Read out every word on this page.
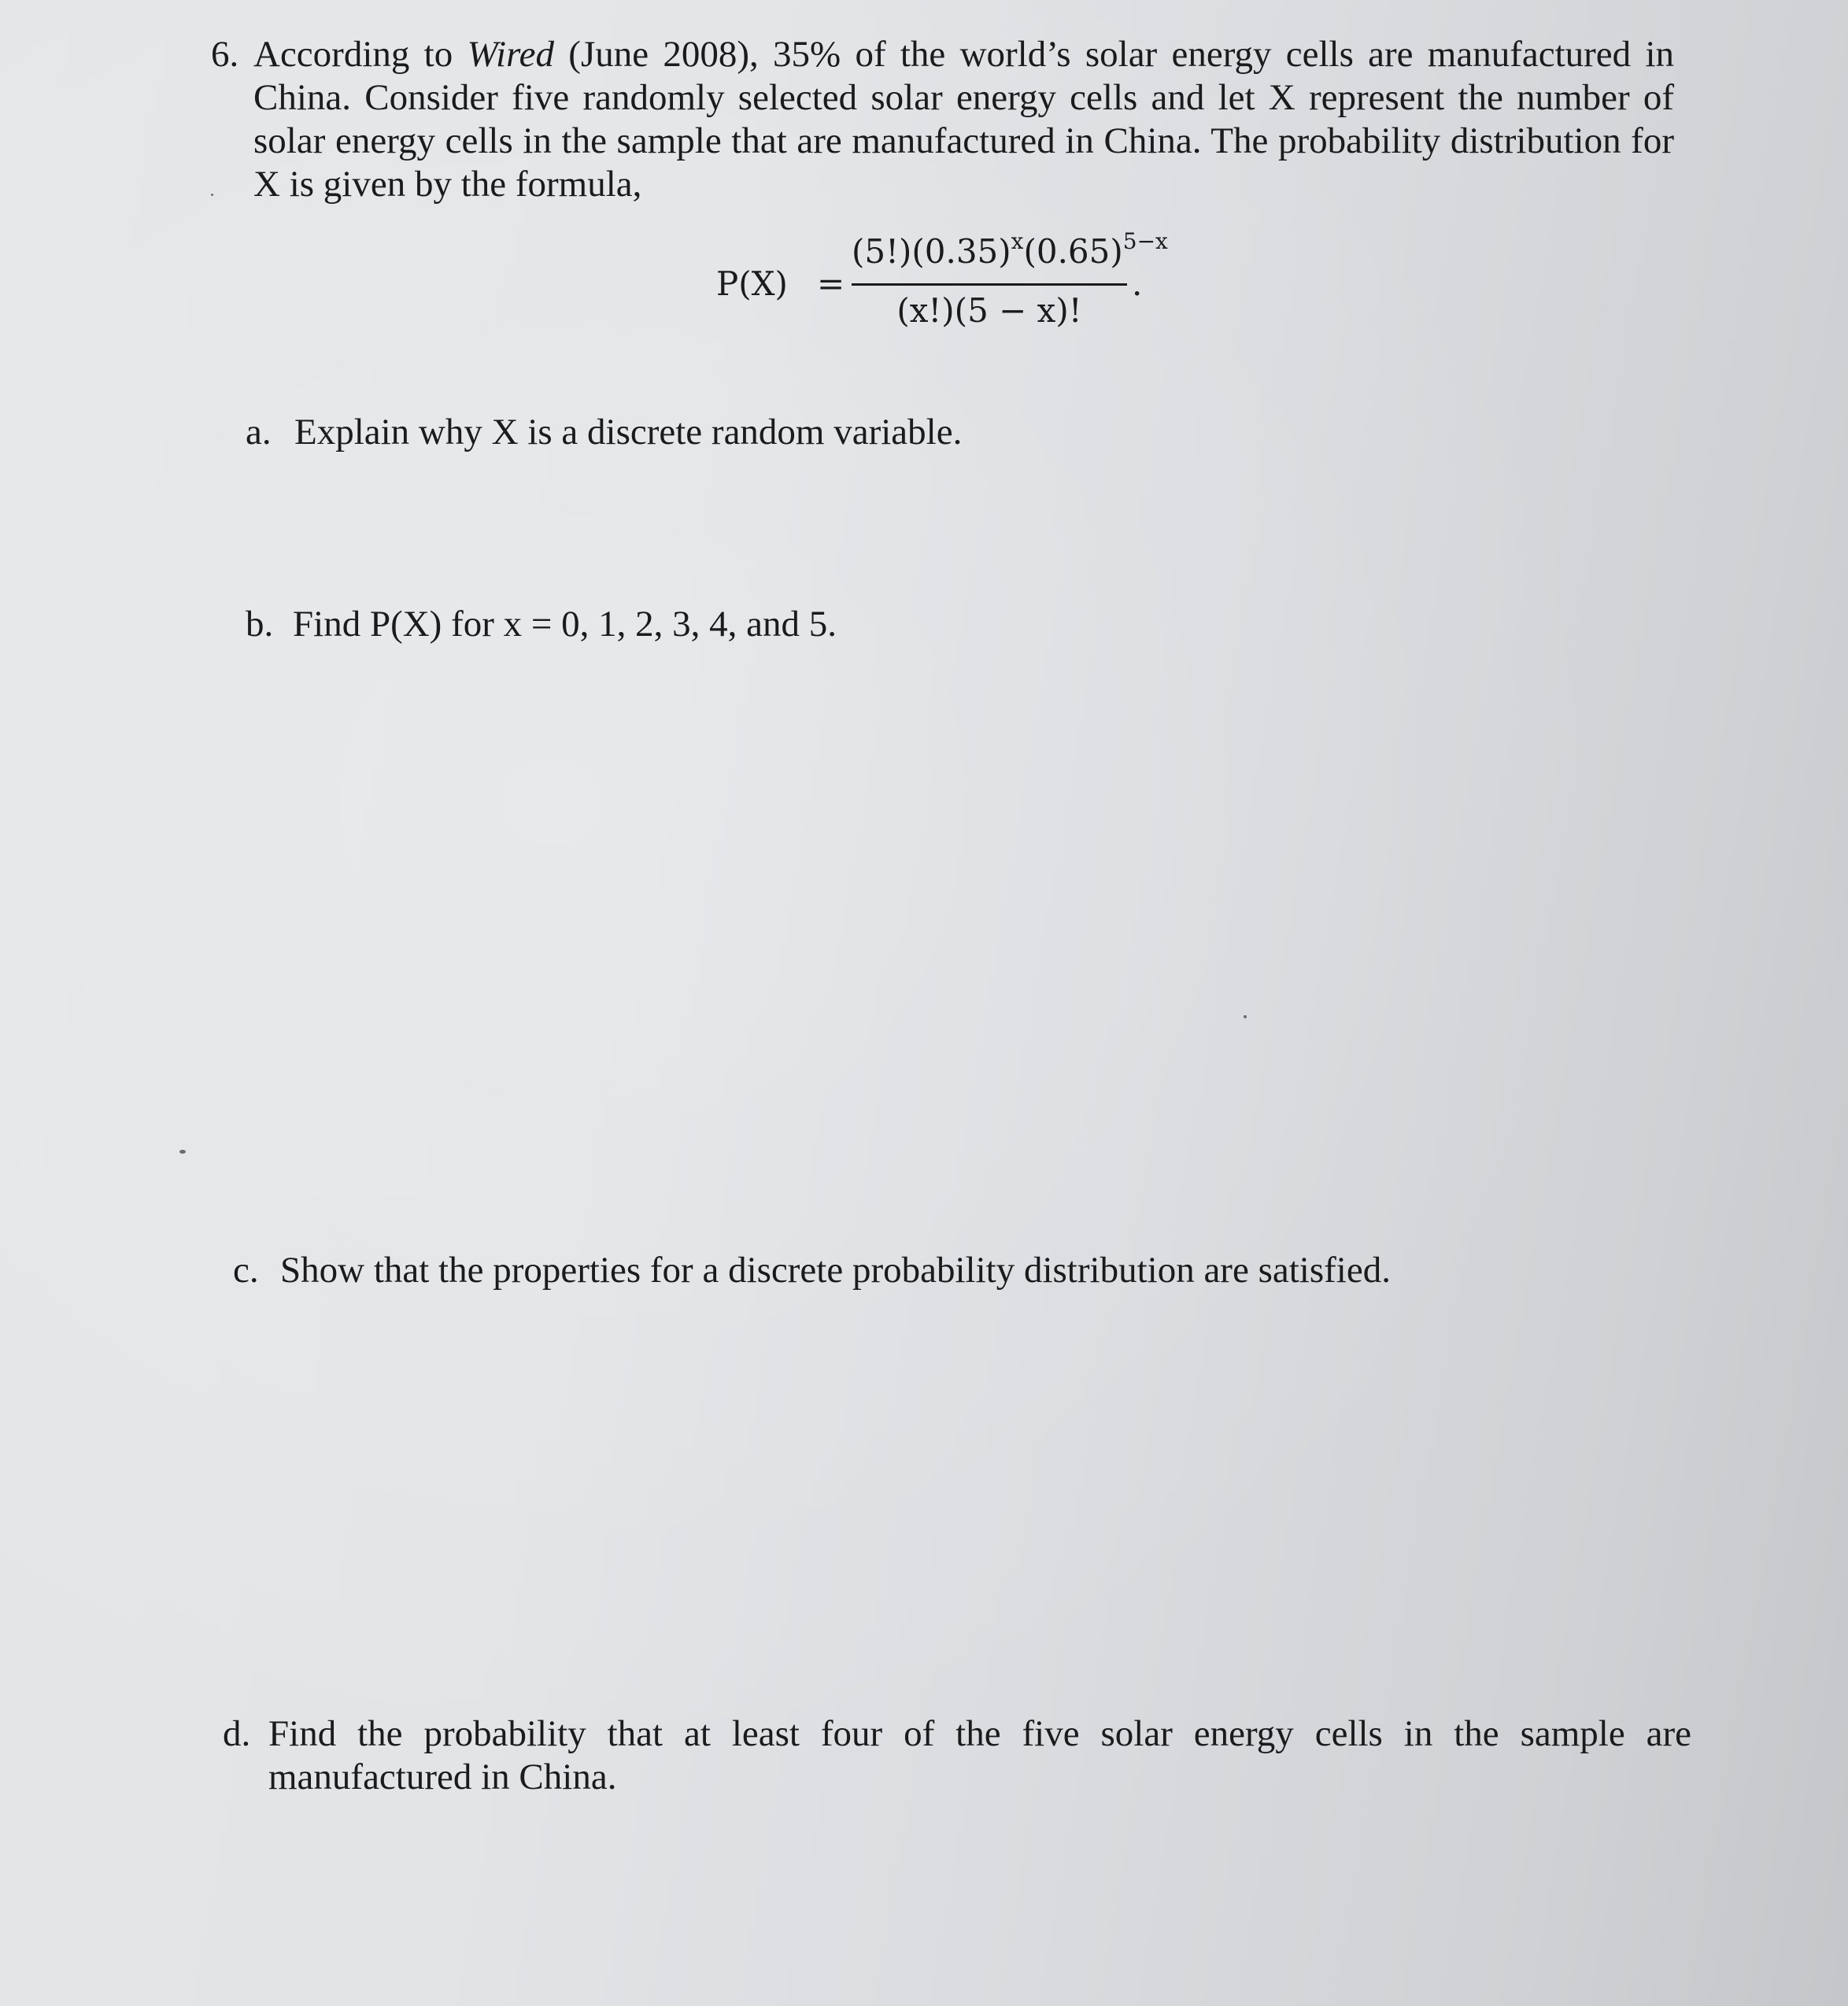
6. According to Wired (June 2008), 35% of the world’s solar energy cells are manufactured in China. Consider five randomly selected solar energy cells and let X represent the number of solar energy cells in the sample that are manufactured in China. The probability distribution for X is given by the formula,
P(X) =
$(5!)(0.35)^x(0.65)^{5-x}$
(x!)(5 − x)!
.
a. Explain why X is a discrete random variable.
b. Find P(X) for x = 0, 1, 2, 3, 4, and 5.
c. Show that the properties for a discrete probability distribution are satisfied.
d. Find the probability that at least four of the five solar energy cells in the sample are manufactured in China.
